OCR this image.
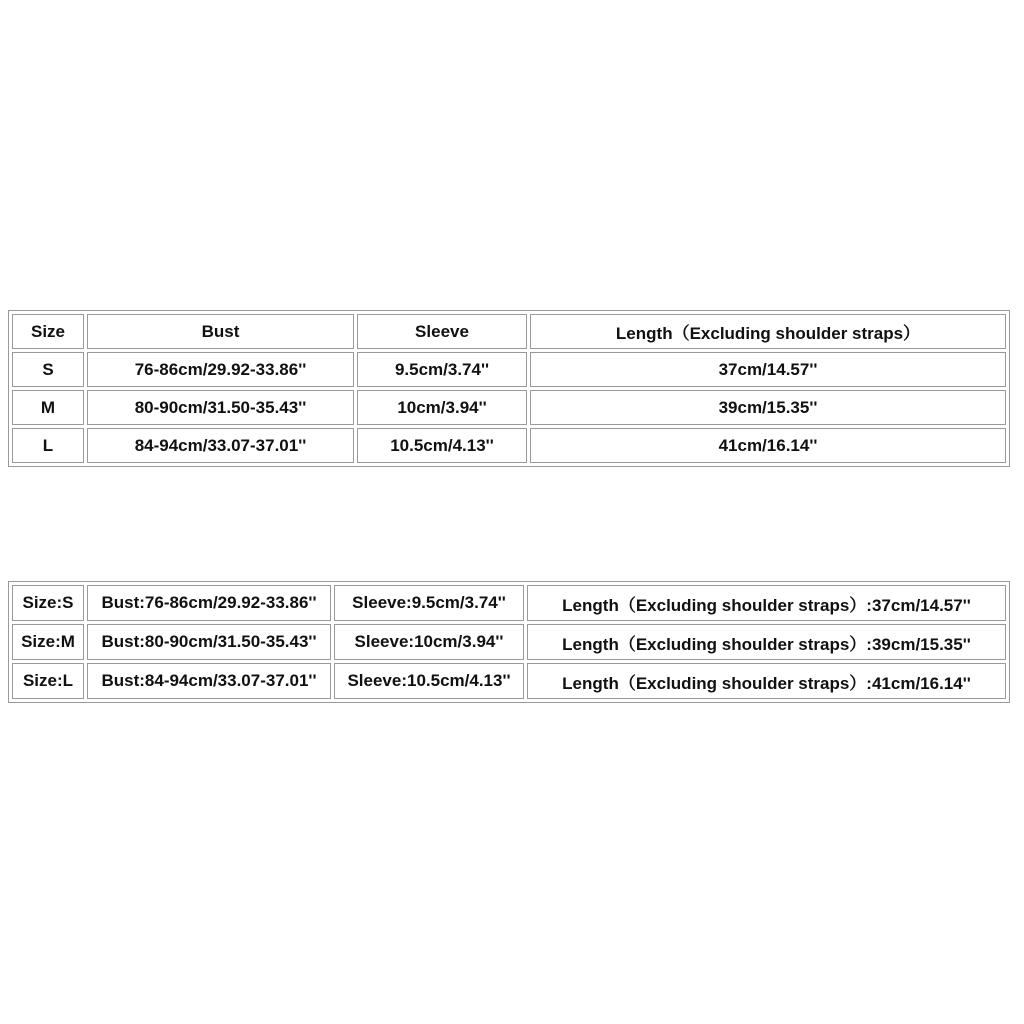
Size	Bust	Sleeve	Length（Excluding shoulder straps）
S	76-86cm/29.92-33.86''	9.5cm/3.74''	37cm/14.57''
M	80-90cm/31.50-35.43''	10cm/3.94''	39cm/15.35''
L	84-94cm/33.07-37.01''	10.5cm/4.13''	41cm/16.14''
Size:S	Bust:76-86cm/29.92-33.86''	Sleeve:9.5cm/3.74''	Length（Excluding shoulder straps）:37cm/14.57''
Size:M	Bust:80-90cm/31.50-35.43''	Sleeve:10cm/3.94''	Length（Excluding shoulder straps）:39cm/15.35''
Size:L	Bust:84-94cm/33.07-37.01''	Sleeve:10.5cm/4.13''	Length（Excluding shoulder straps）:41cm/16.14''
